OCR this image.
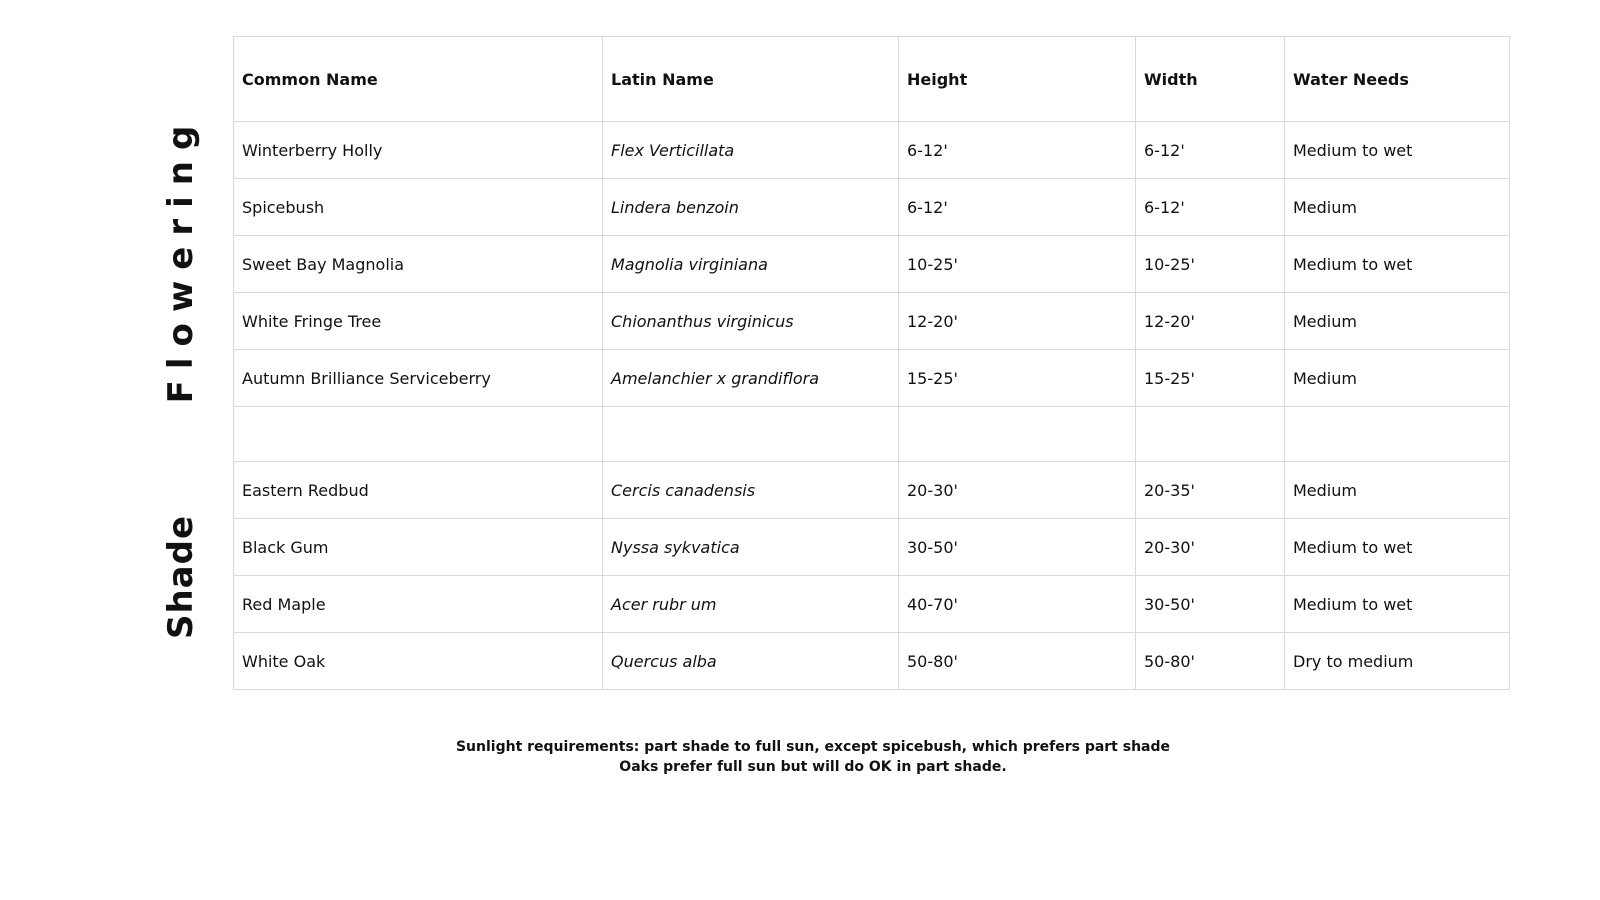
Flowering
Shade
Common Name	Latin Name	Height	Width	Water Needs
Winterberry Holly	Flex Verticillata	6-12'	6-12'	Medium to wet
Spicebush	Lindera benzoin	6-12'	6-12'	Medium
Sweet Bay Magnolia	Magnolia virginiana	10-25'	10-25'	Medium to wet
White Fringe Tree	Chionanthus virginicus	12-20'	12-20'	Medium
Autumn Brilliance Serviceberry	Amelanchier x grandiflora	15-25'	15-25'	Medium

Eastern Redbud	Cercis canadensis	20-30'	20-35'	Medium
Black Gum	Nyssa sykvatica	30-50'	20-30'	Medium to wet
Red Maple	Acer rubr um	40-70'	30-50'	Medium to wet
White Oak	Quercus alba	50-80'	50-80'	Dry to medium
Sunlight requirements: part shade to full sun, except spicebush, which prefers part shade
Oaks prefer full sun but will do OK in part shade.
